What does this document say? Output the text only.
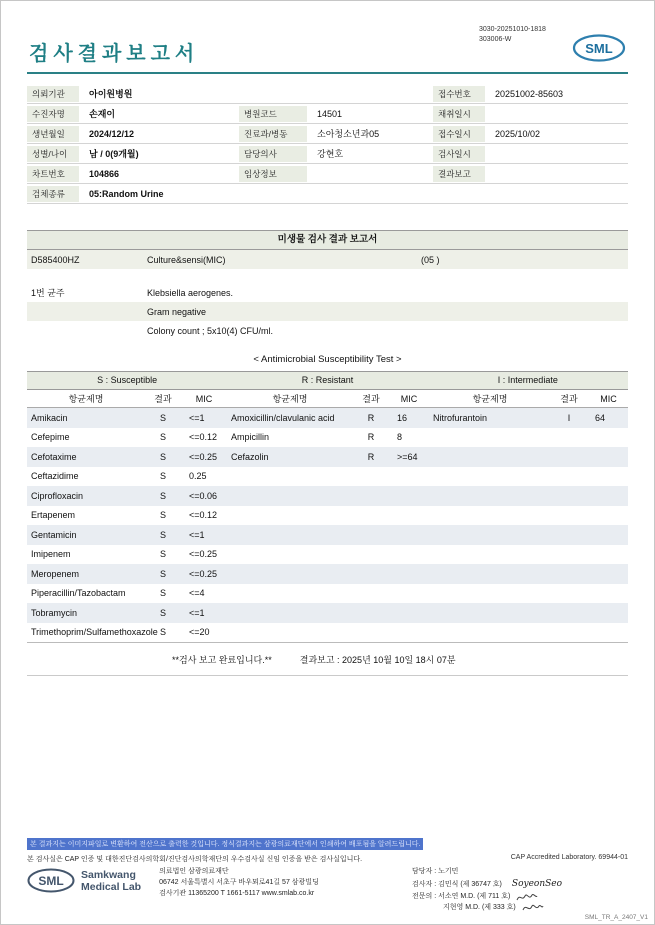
3030-20251010-1818
303006-W
SML
검사결과보고서
의뢰기관	아이원병원	접수번호	20251002-85603
수진자명	손재이	병원코드	14501	채취일시
생년월일	2024/12/12	진료과/병동	소아청소년과05	접수일시	2025/10/02
성별/나이	남 / 0(9개월)	담당의사	강현호	검사일시
차트번호	104866	임상정보	결과보고
검체종류	05:Random Urine
미생물 검사 결과 보고서
D585400HZ	Culture&sensi(MIC)	(05 )
1번 균주	Klebsiella aerogenes.
Gram negative
Colony count ; 5x10(4) CFU/ml.
< Antimicrobial Susceptibility Test >
S : Susceptible	R : Resistant	I : Intermediate
항균제명	결과	MIC	항균제명	결과	MIC	항균제명	결과	MIC
Amikacin	S	<=1	Amoxicillin/clavulanic acid	R	16	Nitrofurantoin	I	64
Cefepime	S	<=0.12	Ampicillin	R	8
Cefotaxime	S	<=0.25	Cefazolin	R	>=64
Ceftazidime	S	0.25
Ciprofloxacin	S	<=0.06
Ertapenem	S	<=0.12
Gentamicin	S	<=1
Imipenem	S	<=0.25
Meropenem	S	<=0.25
Piperacillin/Tazobactam	S	<=4
Tobramycin	S	<=1
Trimethoprim/Sulfamethoxazole S	<=20
**검사 보고 완료입니다.**	결과보고 : 2025년 10월 10일 18시 07분
본 결과지는 이미지파일로 변환하여 전산으로 출력한 것입니다. 정식결과지는 삼광의료재단에서 인쇄하여 배포됨을 알려드립니다.
본 검사실은 CAP 인증 및 대한진단검사의학회/진단검사의학재단의 우수검사실 신임 인증을 받은 검사실입니다.	CAP Accredited Laboratory. 69944-01
SML Samkwang
Medical Lab
의료법인 삼광의료재단
06742 서울특별시 서초구 바우뫼로41길 57 삼광빌딩
검사기관 11365200 T 1661-5117 www.smlab.co.kr
담당자 : 노기민
검사자 : 김민식 (제 36747 호) SoyeonSeo
전문의 : 서소연 M.D. (제 711 호)
지현영 M.D. (제 333 호)
SML_TR_A_2407_V1
